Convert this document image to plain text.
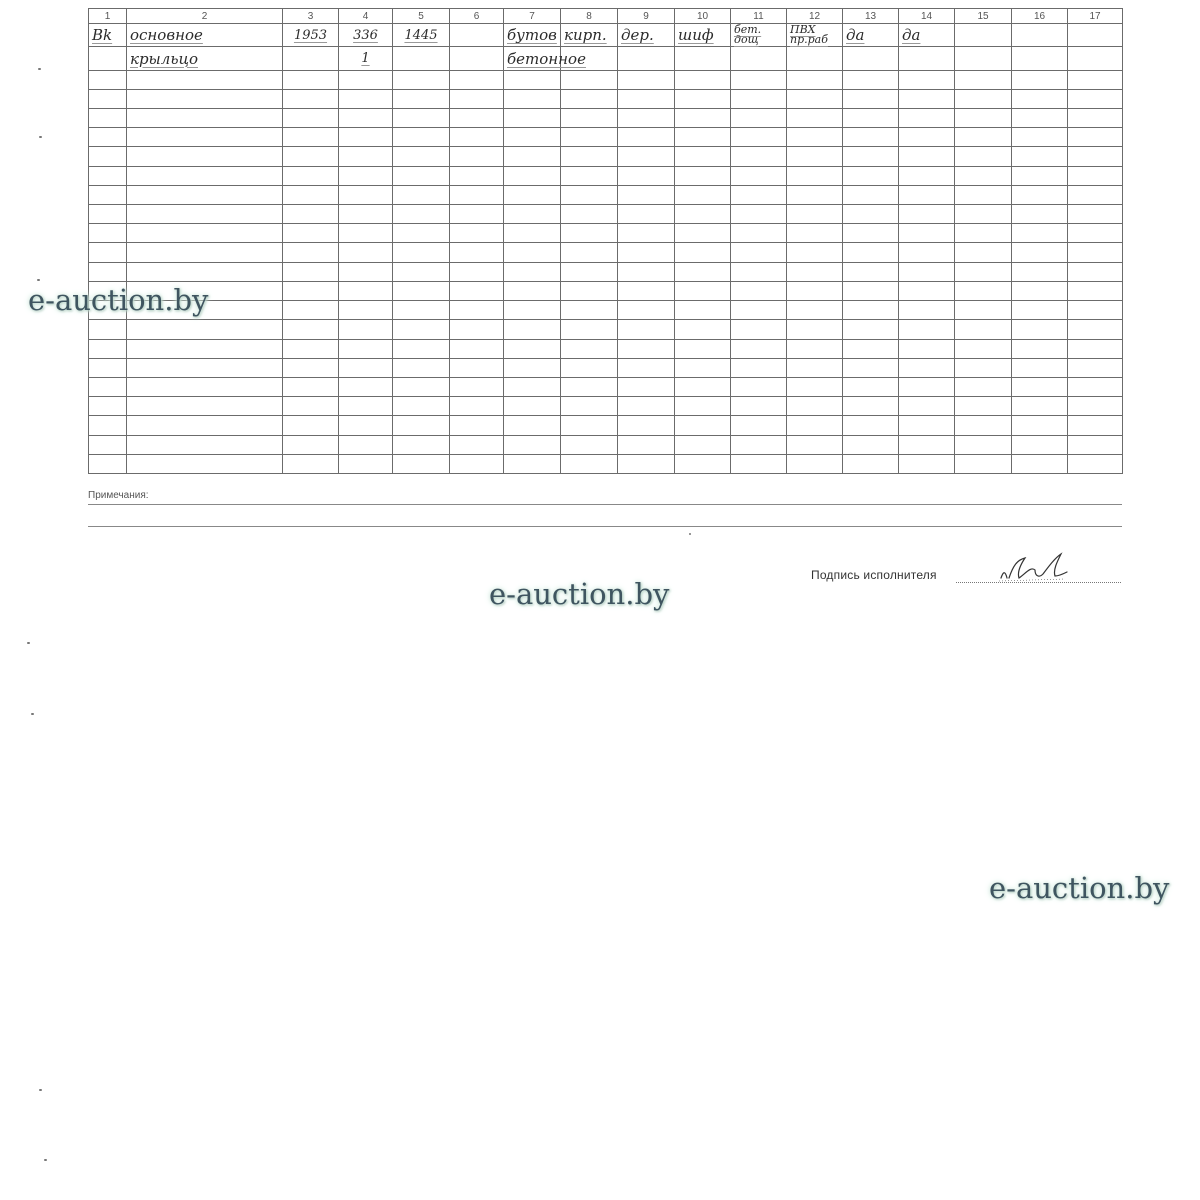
1	2	3	4	5	6	7	8	9	10	11	12	13	14	15	16	17
Вk	основное	1953	336	1445		бутов	кирп.	дер.	шиф	бет. дощ	ПВХ пр.раб	да	да			
	крыльцо		1			бетонное										

Примечания:
Подпись исполнителя
e-auction.by
e-auction.by
e-auction.by
